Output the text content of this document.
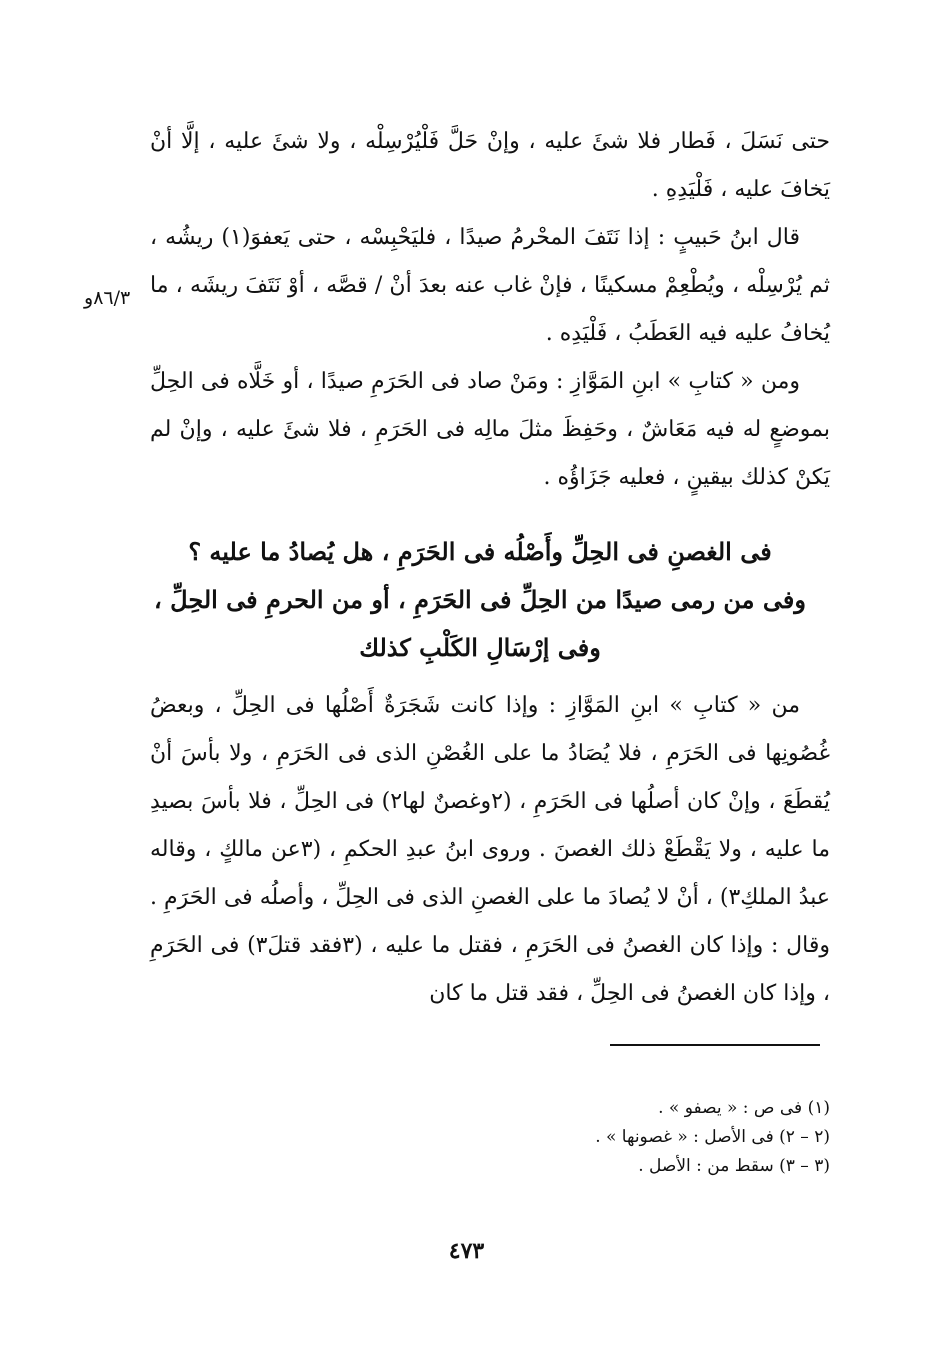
حتى نَسَلَ ، فَطار فلا شئَ عليه ، وإنْ حَلَّ فَلْيُرْسِلْه ، ولا شئَ عليه ، إلَّا أنْ يَخافَ عليه ، فَلْيَدِهِ .

قال ابنُ حَبيبٍ : إذا نَتَفَ المحْرمُ صيدًا ، فليَحْبِسْه ، حتى يَعفوَ(١) ريشُه ، ثم يُرْسِلْه ، ويُطْعِمْ مسكينًا ، فإنْ غاب عنه بعدَ أنْ / قصَّه ، أوْ نَتَفَ ريشَه ، ما يُخافُ عليه فيه العَطَبُ ، فَلْيَدِه .

ومن « كتابِ » ابنِ المَوَّازِ : ومَنْ صاد فى الحَرَمِ صيدًا ، أو خَلَّاه فى الحِلِّ بموضعٍ له فيه مَعَاشٌ ، وحَفِظَ مثلَ مالِه فى الحَرَمِ ، فلا شئَ عليه ، وإنْ لم يَكنْ كذلك بيقينٍ ، فعليه جَزَاؤُه .

٨٦/٣و
فى الغصنِ فى الحِلِّ وأَصْلُه فى الحَرَمِ ، هل يُصادُ ما عليه ؟
وفى من رمى صيدًا من الحِلِّ فى الحَرَمِ ، أو من الحرمِ فى الحِلِّ ،
وفى إرْسَالِ الكَلْبِ كذلك

من « كتابِ » ابنِ المَوَّازِ : وإذا كانت شَجَرَةٌ أَصْلُها فى الحِلِّ ، وبعضُ غُصُونِها فى الحَرَمِ ، فلا يُصَادُ ما على الغُصْنِ الذى فى الحَرَمِ ، ولا بأسَ أنْ يُقطَعَ ، وإنْ كان أصلُها فى الحَرَمِ ، (٢وغصنٌ لها٢) فى الحِلِّ ، فلا بأسَ بصيدِ ما عليه ، ولا يَقْطَعْ ذلك الغصنَ . وروى ابنُ عبدِ الحكمِ ، (٣عن مالكٍ ، وقاله عبدُ الملكِ٣) ، أنْ لا يُصادَ ما على الغصنِ الذى فى الحِلِّ ، وأصلُه فى الحَرَمِ . وقال : وإذا كان الغصنُ فى الحَرَمِ ، فقتل ما عليه ، (٣فقد قتلَ٣) فى الحَرَمِ ، وإذا كان الغصنُ فى الحِلِّ ، فقد قتل ما كان

(١) فى ص : « يصفو » .
(٢ – ٢) فى الأصل : « غصونها » .
(٣ – ٣) سقط من : الأصل .
٤٧٣
